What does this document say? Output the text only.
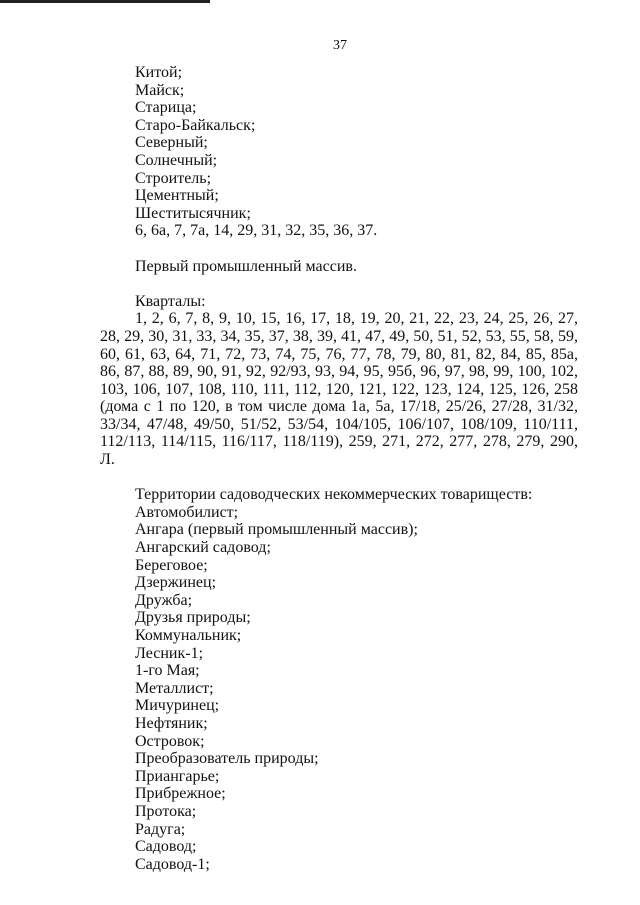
37
Китой;
Майск;
Старица;
Старо-Байкальск;
Северный;
Солнечный;
Строитель;
Цементный;
Шеститысячник;
6, 6а, 7, 7а, 14, 29, 31, 32, 35, 36, 37.
Первый промышленный массив.
Кварталы:

1, 2, 6, 7, 8, 9, 10, 15, 16, 17, 18, 19, 20, 21, 22, 23, 24, 25, 26, 27, 28, 29, 30, 31, 33, 34, 35, 37, 38, 39, 41, 47, 49, 50, 51, 52, 53, 55, 58, 59, 60, 61, 63, 64, 71, 72, 73, 74, 75, 76, 77, 78, 79, 80, 81, 82, 84, 85, 85а, 86, 87, 88, 89, 90, 91, 92, 92/93, 93, 94, 95, 95б, 96, 97, 98, 99, 100, 102, 103, 106, 107, 108, 110, 111, 112, 120, 121, 122, 123, 124, 125, 126, 258 (дома с 1 по 120, в том числе дома 1а, 5а, 17/18, 25/26, 27/28, 31/32, 33/34, 47/48, 49/50, 51/52, 53/54, 104/105, 106/107, 108/109, 110/111, 112/113, 114/115, 116/117, 118/119), 259, 271, 272, 277, 278, 279, 290, Л.

Территории садоводческих некоммерческих товариществ:
Автомобилист;
Ангара (первый промышленный массив);
Ангарский садовод;
Береговое;
Дзержинец;
Дружба;
Друзья природы;
Коммунальник;
Лесник-1;
1-го Мая;
Металлист;
Мичуринец;
Нефтяник;
Островок;
Преобразователь природы;
Приангарье;
Прибрежное;
Протока;
Радуга;
Садовод;
Садовод-1;
